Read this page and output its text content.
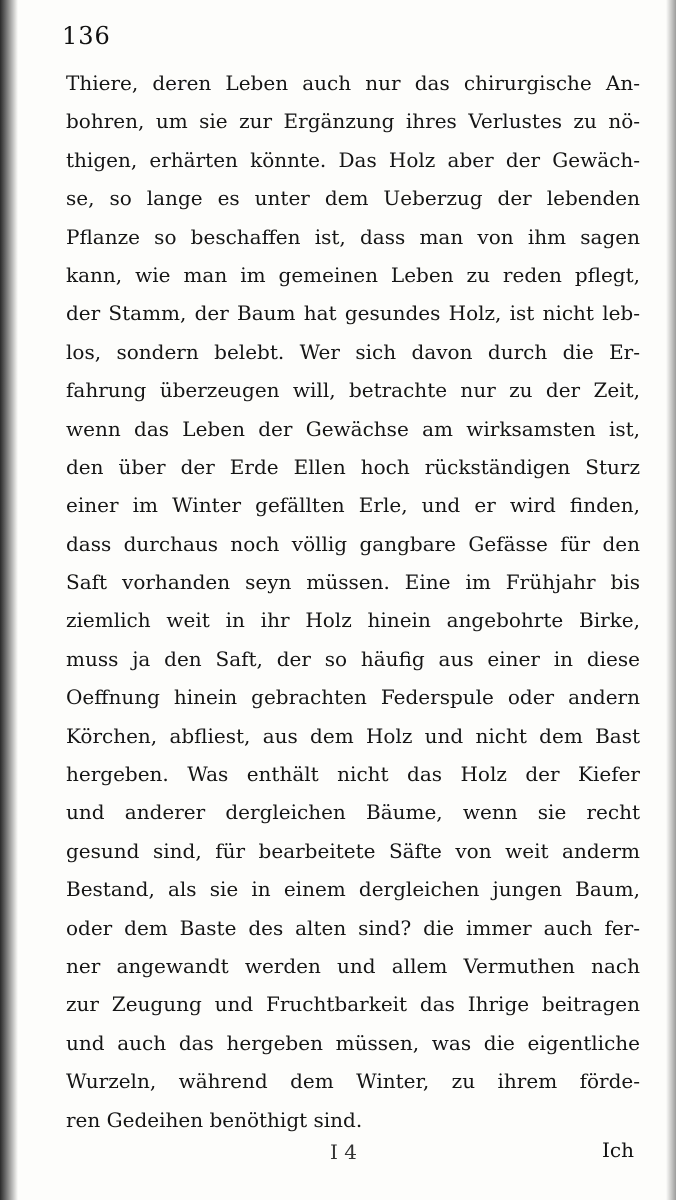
136
Thiere, deren Leben auch nur das chirurgische An-
bohren, um sie zur Ergänzung ihres Verlustes zu nö-
thigen, erhärten könnte. Das Holz aber der Gewäch-
se, so lange es unter dem Ueberzug der lebenden
Pflanze so beschaffen ist, dass man von ihm sagen
kann, wie man im gemeinen Leben zu reden pflegt,
der Stamm, der Baum hat gesundes Holz, ist nicht leb-
los, sondern belebt. Wer sich davon durch die Er-
fahrung überzeugen will, betrachte nur zu der Zeit,
wenn das Leben der Gewächse am wirksamsten ist,
den über der Erde Ellen hoch rückständigen Sturz
einer im Winter gefällten Erle, und er wird finden,
dass durchaus noch völlig gangbare Gefässe für den
Saft vorhanden seyn müssen. Eine im Frühjahr bis
ziemlich weit in ihr Holz hinein angebohrte Birke,
muss ja den Saft, der so häufig aus einer in diese
Oeffnung hinein gebrachten Federspule oder andern
Körchen, abfliest, aus dem Holz und nicht dem Bast
hergeben. Was enthält nicht das Holz der Kiefer
und anderer dergleichen Bäume, wenn sie recht
gesund sind, für bearbeitete Säfte von weit anderm
Bestand, als sie in einem dergleichen jungen Baum,
oder dem Baste des alten sind? die immer auch fer-
ner angewandt werden und allem Vermuthen nach
zur Zeugung und Fruchtbarkeit das Ihrige beitragen
und auch das hergeben müssen, was die eigentliche
Wurzeln, während dem Winter, zu ihrem förde-
ren Gedeihen benöthigt sind.
I 4	Ich
